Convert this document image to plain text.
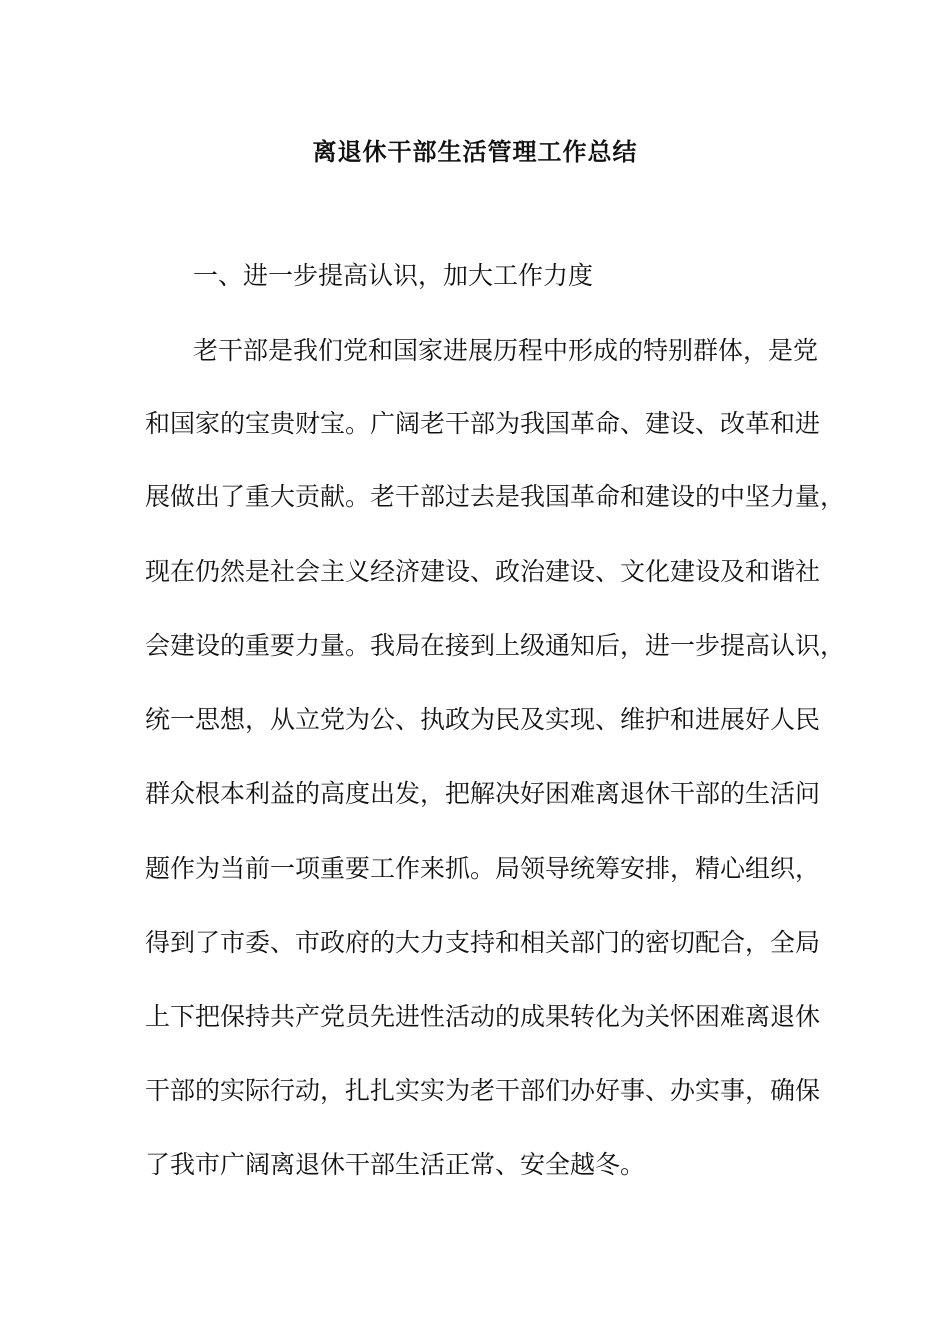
离退休干部生活管理工作总结
一、进一步提高认识，加大工作力度
老干部是我们党和国家进展历程中形成的特别群体，是党
和国家的宝贵财宝。广阔老干部为我国革命、建设、改革和进
展做出了重大贡献。老干部过去是我国革命和建设的中坚力量，
现在仍然是社会主义经济建设、政治建设、文化建设及和谐社
会建设的重要力量。我局在接到上级通知后，进一步提高认识，
统一思想，从立党为公、执政为民及实现、维护和进展好人民
群众根本利益的高度出发，把解决好困难离退休干部的生活问
题作为当前一项重要工作来抓。局领导统筹安排，精心组织，
得到了市委、市政府的大力支持和相关部门的密切配合，全局
上下把保持共产党员先进性活动的成果转化为关怀困难离退休
干部的实际行动，扎扎实实为老干部们办好事、办实事，确保
了我市广阔离退休干部生活正常、安全越冬。
